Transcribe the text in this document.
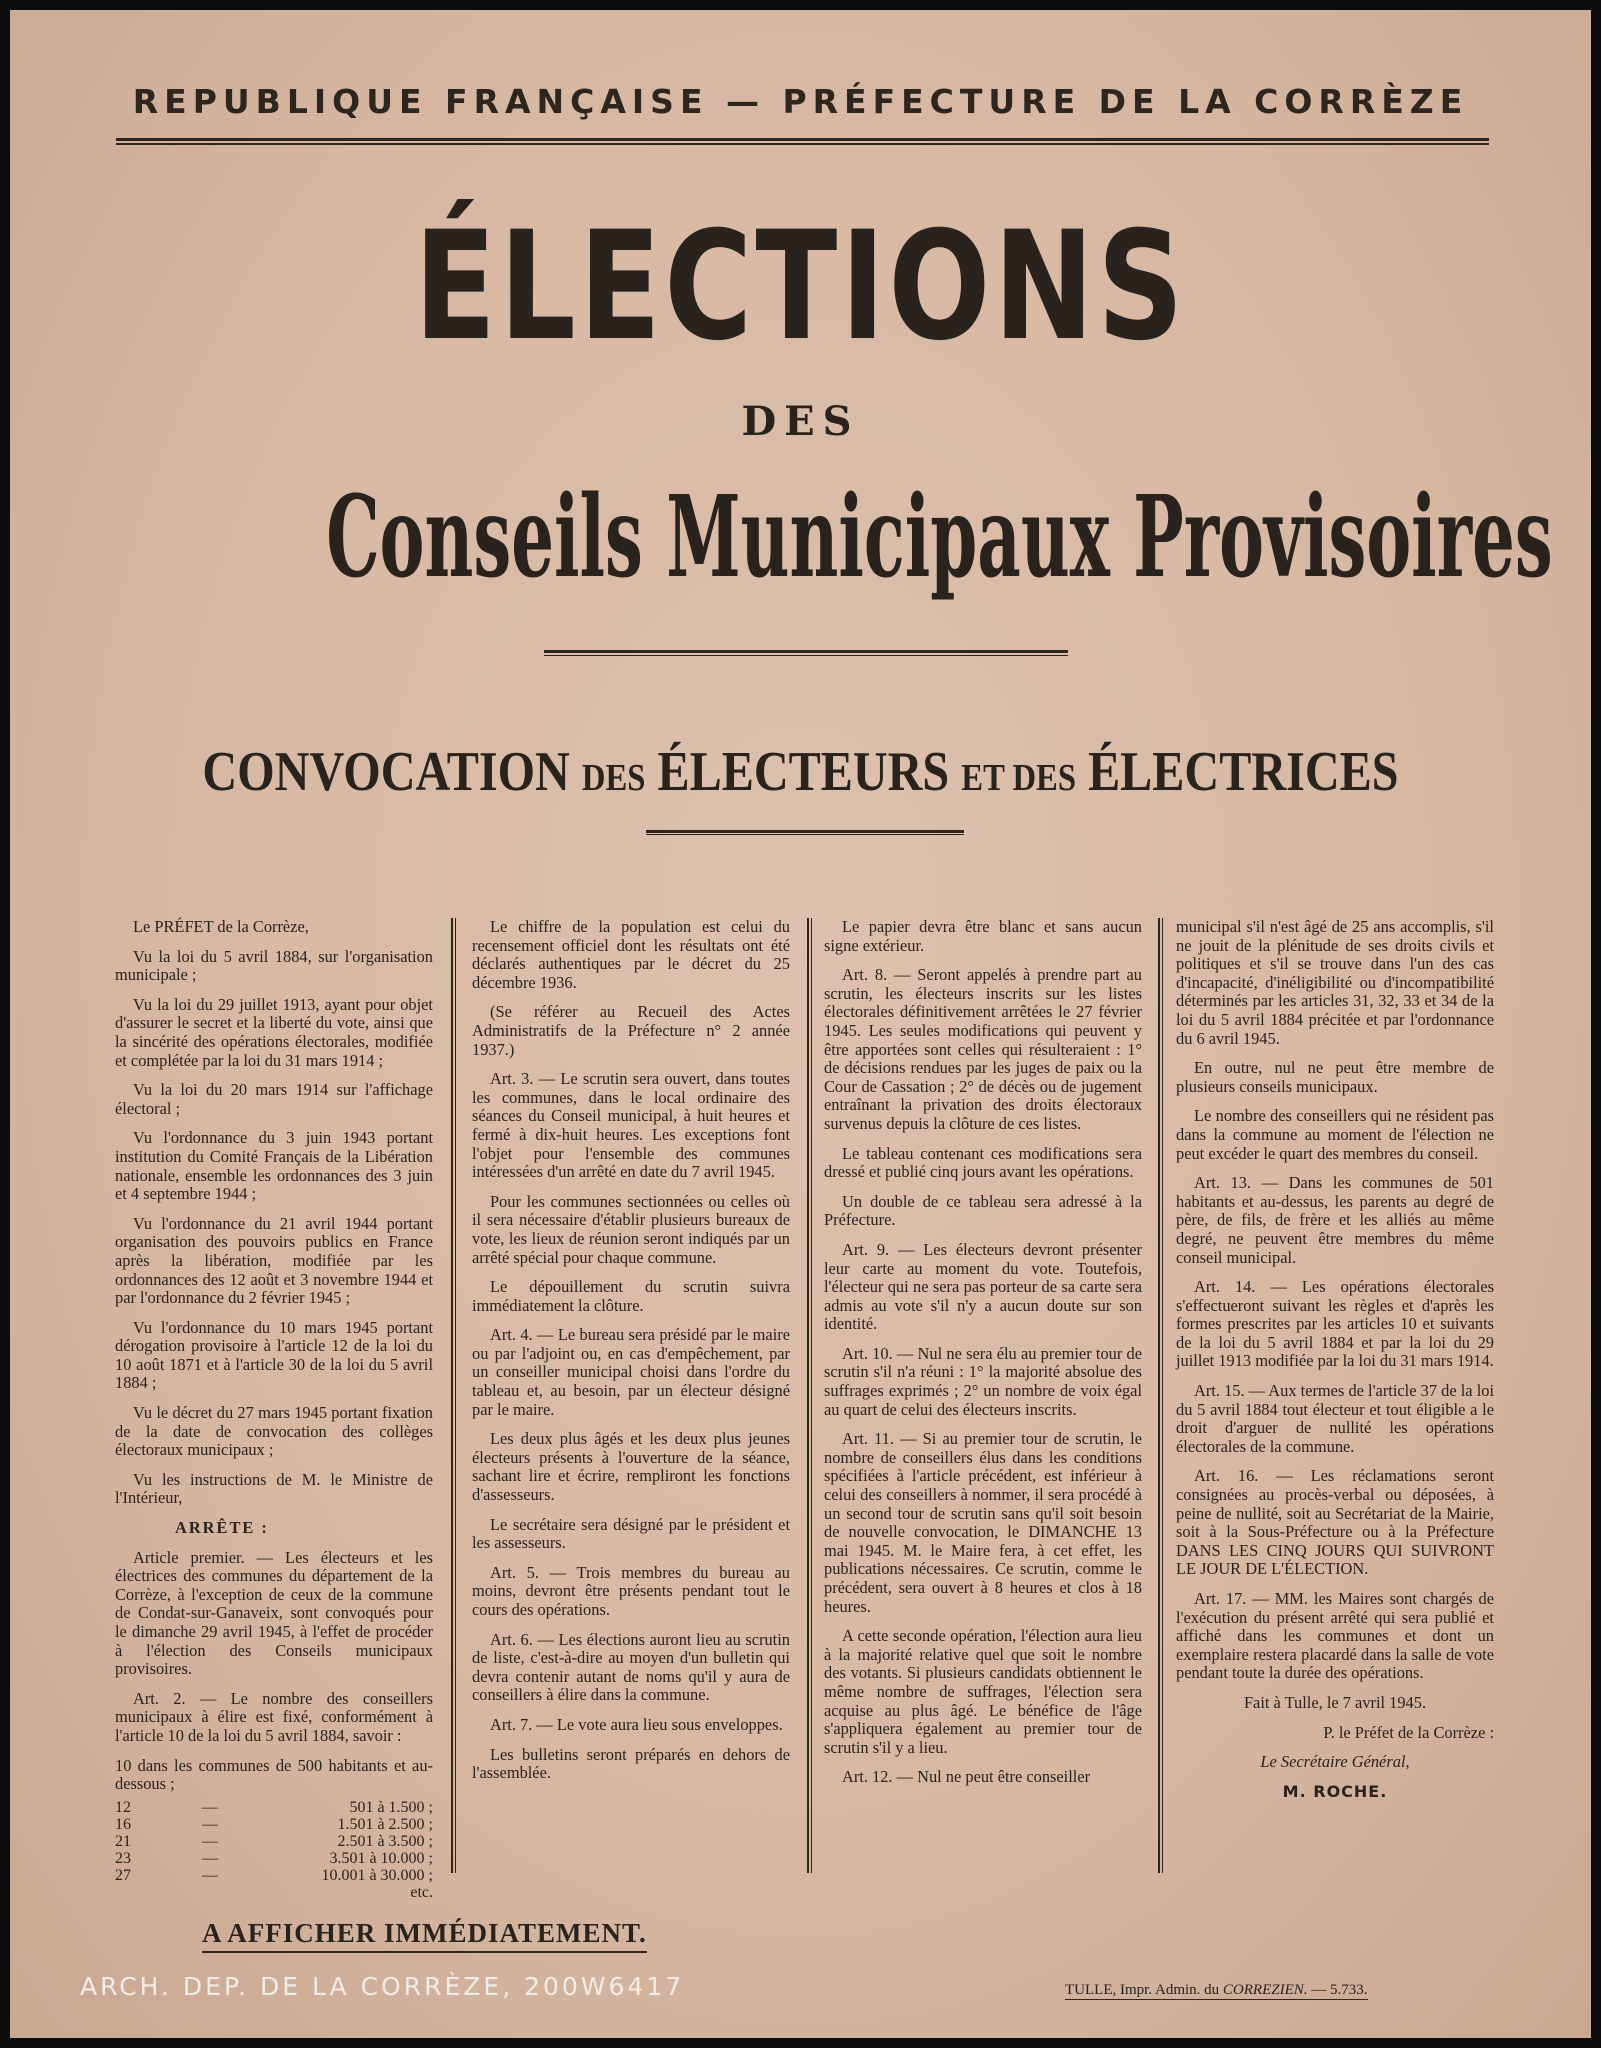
REPUBLIQUE FRANÇAISE — PRÉFECTURE DE LA CORRÈZE
ÉLECTIONS
DES
Conseils Municipaux Provisoires
CONVOCATION DES ÉLECTEURS ET DES ÉLECTRICES

Le PRÉFET de la Corrèze,

Vu la loi du 5 avril 1884, sur l'organisation municipale ;

Vu la loi du 29 juillet 1913, ayant pour objet d'assurer le secret et la liberté du vote, ainsi que la sincérité des opérations électorales, modifiée et complétée par la loi du 31 mars 1914 ;

Vu la loi du 20 mars 1914 sur l'affichage électoral ;

Vu l'ordonnance du 3 juin 1943 portant institution du Comité Français de la Libération nationale, ensemble les ordonnances des 3 juin et 4 septembre 1944 ;

Vu l'ordonnance du 21 avril 1944 portant organisation des pouvoirs publics en France après la libération, modifiée par les ordonnances des 12 août et 3 novembre 1944 et par l'ordonnance du 2 février 1945 ;

Vu l'ordonnance du 10 mars 1945 portant dérogation provisoire à l'article 12 de la loi du 10 août 1871 et à l'article 30 de la loi du 5 avril 1884 ;

Vu le décret du 27 mars 1945 portant fixation de la date de convocation des collèges électoraux municipaux ;

Vu les instructions de M. le Ministre de l'Intérieur,

ARRÊTE :

Article premier. — Les électeurs et les électrices des communes du département de la Corrèze, à l'exception de ceux de la commune de Condat-sur-Ganaveix, sont convoqués pour le dimanche 29 avril 1945, à l'effet de procéder à l'élection des Conseils municipaux provisoires.

Art. 2. — Le nombre des conseillers municipaux à élire est fixé, conformément à l'article 10 de la loi du 5 avril 1884, savoir :

10 dans les communes de 500 habitants et au-dessous ;

12	—	501 à 1.500 ;
16	—	1.501 à 2.500 ;
21	—	2.501 à 3.500 ;
23	—	3.501 à 10.000 ;
27	—	10.001 à 30.000 ;
		etc.

Le chiffre de la population est celui du recensement officiel dont les résultats ont été déclarés authentiques par le décret du 25 décembre 1936.

(Se référer au Recueil des Actes Administratifs de la Préfecture n° 2 année 1937.)

Art. 3. — Le scrutin sera ouvert, dans toutes les communes, dans le local ordinaire des séances du Conseil municipal, à huit heures et fermé à dix-huit heures. Les exceptions font l'objet pour l'ensemble des communes intéressées d'un arrêté en date du 7 avril 1945.

Pour les communes sectionnées ou celles où il sera nécessaire d'établir plusieurs bureaux de vote, les lieux de réunion seront indiqués par un arrêté spécial pour chaque commune.

Le dépouillement du scrutin suivra immédiatement la clôture.

Art. 4. — Le bureau sera présidé par le maire ou par l'adjoint ou, en cas d'empêchement, par un conseiller municipal choisi dans l'ordre du tableau et, au besoin, par un électeur désigné par le maire.

Les deux plus âgés et les deux plus jeunes électeurs présents à l'ouverture de la séance, sachant lire et écrire, rempliront les fonctions d'assesseurs.

Le secrétaire sera désigné par le président et les assesseurs.

Art. 5. — Trois membres du bureau au moins, devront être présents pendant tout le cours des opérations.

Art. 6. — Les élections auront lieu au scrutin de liste, c'est-à-dire au moyen d'un bulletin qui devra contenir autant de noms qu'il y aura de conseillers à élire dans la commune.

Art. 7. — Le vote aura lieu sous enveloppes.

Les bulletins seront préparés en dehors de l'assemblée.

Le papier devra être blanc et sans aucun signe extérieur.

Art. 8. — Seront appelés à prendre part au scrutin, les électeurs inscrits sur les listes électorales définitivement arrêtées le 27 février 1945. Les seules modifications qui peuvent y être apportées sont celles qui résulteraient : 1° de décisions rendues par les juges de paix ou la Cour de Cassation ; 2° de décès ou de jugement entraînant la privation des droits électoraux survenus depuis la clôture de ces listes.

Le tableau contenant ces modifications sera dressé et publié cinq jours avant les opérations.

Un double de ce tableau sera adressé à la Préfecture.

Art. 9. — Les électeurs devront présenter leur carte au moment du vote. Toutefois, l'électeur qui ne sera pas porteur de sa carte sera admis au vote s'il n'y a aucun doute sur son identité.

Art. 10. — Nul ne sera élu au premier tour de scrutin s'il n'a réuni : 1° la majorité absolue des suffrages exprimés ; 2° un nombre de voix égal au quart de celui des électeurs inscrits.

Art. 11. — Si au premier tour de scrutin, le nombre de conseillers élus dans les conditions spécifiées à l'article précédent, est inférieur à celui des conseillers à nommer, il sera procédé à un second tour de scrutin sans qu'il soit besoin de nouvelle convocation, le DIMANCHE 13 mai 1945. M. le Maire fera, à cet effet, les publications nécessaires. Ce scrutin, comme le précédent, sera ouvert à 8 heures et clos à 18 heures.

A cette seconde opération, l'élection aura lieu à la majorité relative quel que soit le nombre des votants. Si plusieurs candidats obtiennent le même nombre de suffrages, l'élection sera acquise au plus âgé. Le bénéfice de l'âge s'appliquera également au premier tour de scrutin s'il y a lieu.

Art. 12. — Nul ne peut être conseiller

municipal s'il n'est âgé de 25 ans accomplis, s'il ne jouit de la plénitude de ses droits civils et politiques et s'il se trouve dans l'un des cas d'incapacité, d'inéligibilité ou d'incompatibilité déterminés par les articles 31, 32, 33 et 34 de la loi du 5 avril 1884 précitée et par l'ordonnance du 6 avril 1945.

En outre, nul ne peut être membre de plusieurs conseils municipaux.

Le nombre des conseillers qui ne résident pas dans la commune au moment de l'élection ne peut excéder le quart des membres du conseil.

Art. 13. — Dans les communes de 501 habitants et au-dessus, les parents au degré de père, de fils, de frère et les alliés au même degré, ne peuvent être membres du même conseil municipal.

Art. 14. — Les opérations électorales s'effectueront suivant les règles et d'après les formes prescrites par les articles 10 et suivants de la loi du 5 avril 1884 et par la loi du 29 juillet 1913 modifiée par la loi du 31 mars 1914.

Art. 15. — Aux termes de l'article 37 de la loi du 5 avril 1884 tout électeur et tout éligible a le droit d'arguer de nullité les opérations électorales de la commune.

Art. 16. — Les réclamations seront consignées au procès-verbal ou déposées, à peine de nullité, soit au Secrétariat de la Mairie, soit à la Sous-Préfecture ou à la Préfecture DANS LES CINQ JOURS QUI SUIVRONT LE JOUR DE L'ÉLECTION.

Art. 17. — MM. les Maires sont chargés de l'exécution du présent arrêté qui sera publié et affiché dans les communes et dont un exemplaire restera placardé dans la salle de vote pendant toute la durée des opérations.

Fait à Tulle, le 7 avril 1945.

P. le Préfet de la Corrèze :

Le Secrétaire Général,

M. ROCHE.

A AFFICHER IMMÉDIATEMENT.
TULLE, Impr. Admin. du CORREZIEN. — 5.733.
ARCH. DEP. DE LA CORRÈZE, 200W6417
